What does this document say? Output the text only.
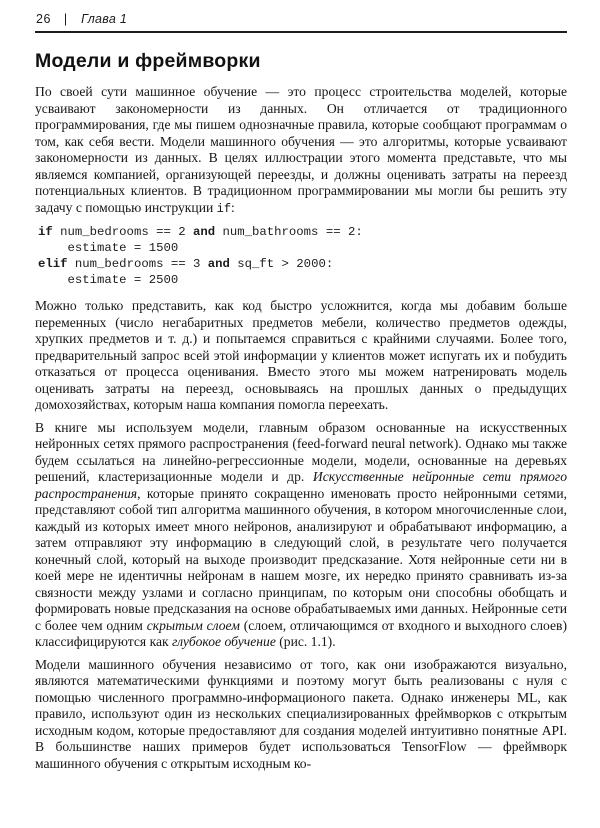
26 | Глава 1
Модели и фреймворки

По своей сути машинное обучение — это процесс строительства моделей, которые усваивают закономерности из данных. Он отличается от традиционного программирования, где мы пишем однозначные правила, которые сообщают программам о том, как себя вести. Модели машинного обучения — это алгоритмы, которые усваивают закономерности из данных. В целях иллюстрации этого момента представьте, что мы являемся компанией, организующей переезды, и должны оценивать затраты на переезд потенциальных клиентов. В традиционном программировании мы могли бы решить эту задачу с помощью инструкции if:

if num_bedrooms == 2 and num_bathrooms == 2:
estimate = 1500
elif num_bedrooms == 3 and sq_ft > 2000:
estimate = 2500

Можно только представить, как код быстро усложнится, когда мы добавим больше переменных (число негабаритных предметов мебели, количество предметов одежды, хрупких предметов и т. д.) и попытаемся справиться с крайними случаями. Более того, предварительный запрос всей этой информации у клиентов может испугать их и побудить отказаться от процесса оценивания. Вместо этого мы можем натренировать модель оценивать затраты на переезд, основываясь на прошлых данных о предыдущих домохозяйствах, которым наша компания помогла переехать.

В книге мы используем модели, главным образом основанные на искусственных нейронных сетях прямого распространения (feed-forward neural network). Однако мы также будем ссылаться на линейно-регрессионные модели, модели, основанные на деревьях решений, кластеризационные модели и др. Искусственные нейронные сети прямого распространения, которые принято сокращенно именовать просто нейронными сетями, представляют собой тип алгоритма машинного обучения, в котором многочисленные слои, каждый из которых имеет много нейронов, анализируют и обрабатывают информацию, а затем отправляют эту информацию в следующий слой, в результате чего получается конечный слой, который на выходе производит предсказание. Хотя нейронные сети ни в коей мере не идентичны нейронам в нашем мозге, их нередко принято сравнивать из-за связности между узлами и согласно принципам, по которым они способны обобщать и формировать новые предсказания на основе обрабатываемых ими данных. Нейронные сети с более чем одним скрытым слоем (слоем, отличающимся от входного и выходного слоев) классифицируются как глубокое обучение (рис. 1.1).

Модели машинного обучения независимо от того, как они изображаются визуально, являются математическими функциями и поэтому могут быть реализованы с нуля с помощью численного программно-информационого пакета. Однако инженеры ML, как правило, используют один из нескольких специализированных фреймворков с открытым исходным кодом, которые предоставляют для создания моделей интуитивно понятные API. В большинстве наших примеров будет использоваться TensorFlow — фреймворк машинного обучения с открытым исходным ко-
